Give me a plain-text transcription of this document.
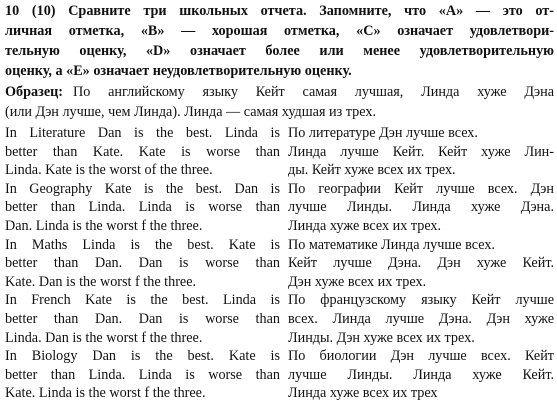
10 (10) Сравните три школьных отчета. Запомните, что «А» — это от-
личная отметка, «В» — хорошая отметка, «С» означает удовлетвори-
тельную оценку, «D» означает более или менее удовлетворительную
оценку, а «Е» означает неудовлетворительную оценку.
Образец: По английскому языку Кейт самая лучшая, Линда хуже Дэна
(или Дэн лучше, чем Линда). Линда — самая худшая из трех.
In Literature Dan is the best. Linda is
better than Kate. Kate is worse than
Linda. Kate is the worst of the three.
In Geography Kate is the best. Dan is
better than Linda. Linda is worse than
Dan. Linda is the worst f the three.
In Maths Linda is the best. Kate is
better than Dan. Dan is worse than
Kate. Dan is the worst f the three.
In French Kate is the best. Linda is
better than Dan. Dan is worse than
Linda. Dan is the worst f the three.
In Biology Dan is the best. Kate is
better than Linda. Linda is worse than
Kate. Linda is the worst f the three.
По литературе Дэн лучше всех.
Линда лучше Кейт. Кейт хуже Лин-
ды. Кейт хуже всех их трех.
По географии Кейт лучше всех. Дэн
лучше Линды. Линда хуже Дэна.
Линда хуже всех их трех.
По математике Линда лучше всех.
Кейт лучше Дэна. Дэн хуже Кейт.
Дэн хуже всех их трех.
По французскому языку Кейт лучше
всех. Линда лучше Дэна. Дэн хуже
Линды. Дэн хуже всех их трех.
По биологии Дэн лучше всех. Кейт
лучше Линды. Линда хуже Кейт.
Линда хуже всех их трех
